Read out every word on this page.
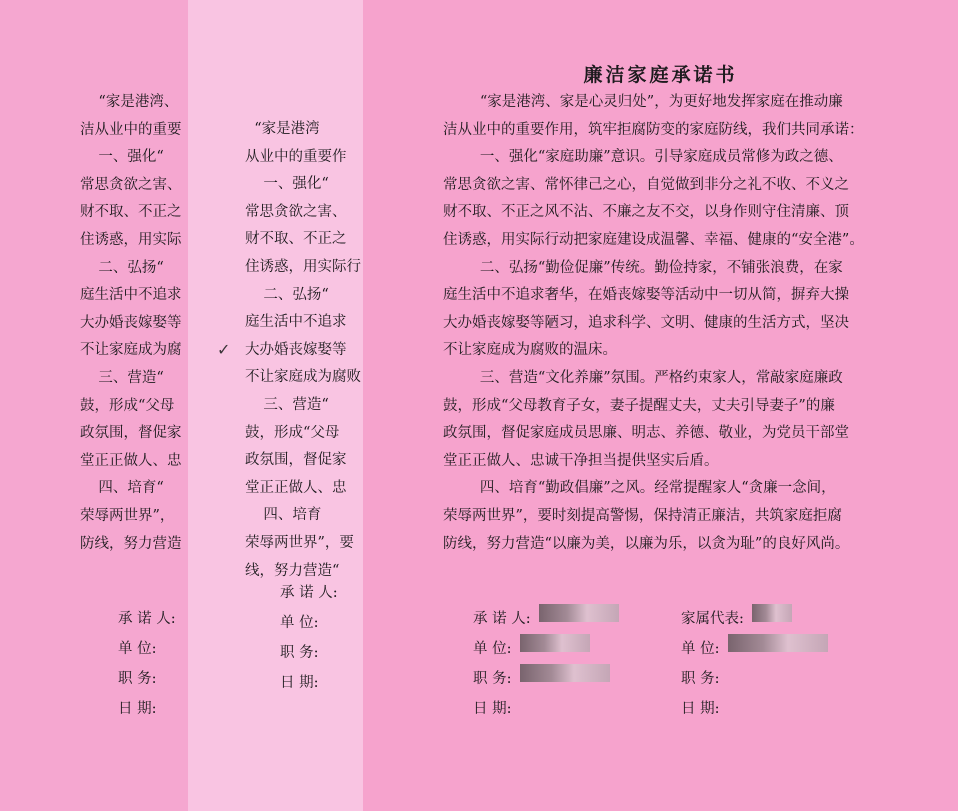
“家是港湾、

洁从业中的重要

一、强化“

常思贪欲之害、

财不取、不正之

住诱惑，用实际

二、弘扬“

庭生活中不追求

大办婚丧嫁娶等

不让家庭成为腐

三、营造“

鼓，形成“父母

政氛围，督促家

堂正正做人、忠

四、培育“

荣辱两世界”，

防线，努力营造

承 诺 人:
单 位:
职 务:
日 期:

“家是港湾

从业中的重要作

一、强化“

常思贪欲之害、

财不取、不正之

住诱惑，用实际行

二、弘扬“

庭生活中不追求

大办婚丧嫁娶等

不让家庭成为腐败

三、营造“

鼓，形成“父母

政氛围，督促家

堂正正做人、忠

四、培育

荣辱两世界”，要

线，努力营造“

承 诺 人:
单 位:
职 务:
日 期:
✓
廉洁家庭承诺书

“家是港湾、家是心灵归处”，为更好地发挥家庭在推动廉

洁从业中的重要作用，筑牢拒腐防变的家庭防线，我们共同承诺：

一、强化“家庭助廉”意识。引导家庭成员常修为政之德、

常思贪欲之害、常怀律己之心，自觉做到非分之礼不收、不义之

财不取、不正之风不沾、不廉之友不交，以身作则守住清廉、顶

住诱惑，用实际行动把家庭建设成温馨、幸福、健康的“安全港”。

二、弘扬“勤俭促廉”传统。勤俭持家，不铺张浪费，在家

庭生活中不追求奢华，在婚丧嫁娶等活动中一切从简，摒弃大操

大办婚丧嫁娶等陋习，追求科学、文明、健康的生活方式，坚决

不让家庭成为腐败的温床。

三、营造“文化养廉”氛围。严格约束家人，常敲家庭廉政

鼓，形成“父母教育子女，妻子提醒丈夫，丈夫引导妻子”的廉

政氛围，督促家庭成员思廉、明志、养德、敬业，为党员干部堂

堂正正做人、忠诚干净担当提供坚实后盾。

四、培育“勤政倡廉”之风。经常提醒家人“贪廉一念间，

荣辱两世界”，要时刻提高警惕，保持清正廉洁，共筑家庭拒腐

防线，努力营造“以廉为美，以廉为乐，以贪为耻”的良好风尚。

承 诺 人:
单 位:
职 务:
日 期:
家属代表:
单 位:
职 务:
日 期:
